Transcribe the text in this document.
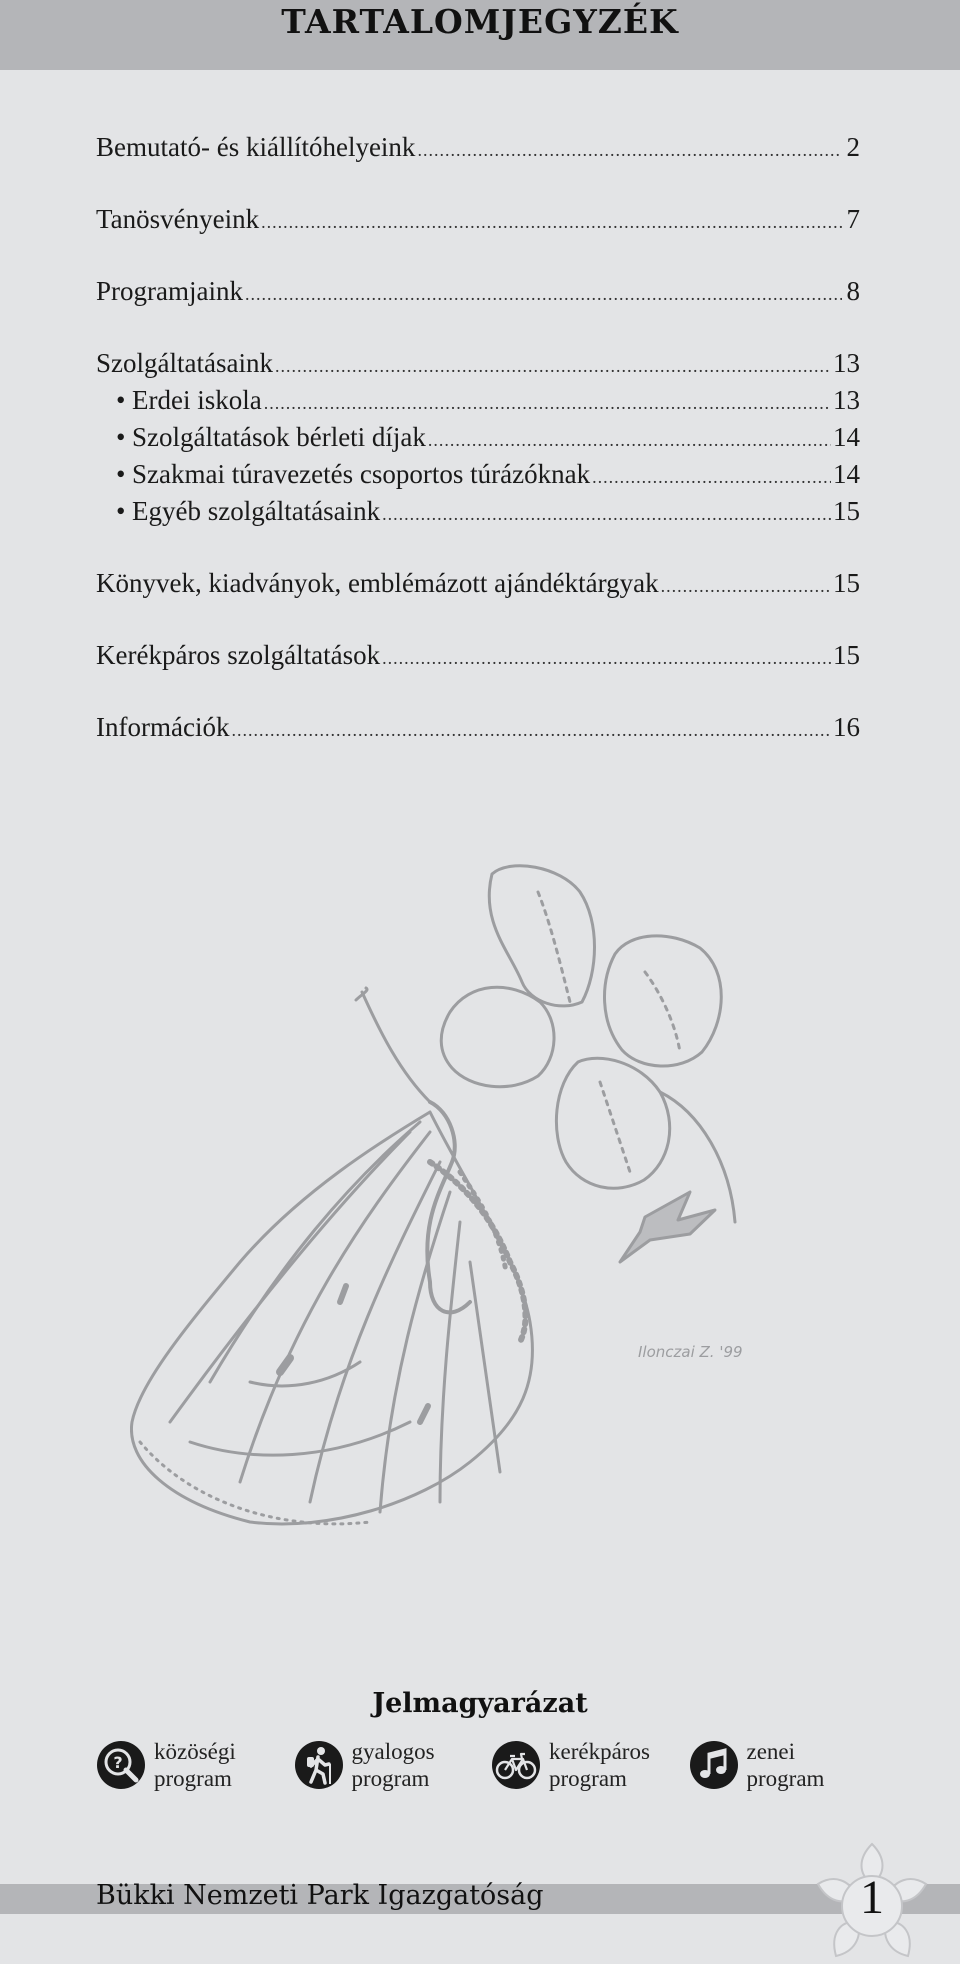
TARTALOMJEGYZÉK
Bemutató- és kiállítóhelyeink .....	2
Tanösvényeink .....	7
Programjaink .....	8
Szolgáltatásaink .....	13
• Erdei iskola .....	13
• Szolgáltatások bérleti díjak .....	14
• Szakmai túravezetés csoportos túrázóknak .....	14
• Egyéb szolgáltatásaink .....	15
Könyvek, kiadványok, emblémázott ajándéktárgyak .....	15
Kerékpáros szolgáltatások .....	15
Információk .....	16
Ilonczai Z. '99
Jelmagyarázat
? közöségi
program
gyalogos
program
kerékpáros
program
zenei
program
Bükki Nemzeti Park Igazgatóság	1
